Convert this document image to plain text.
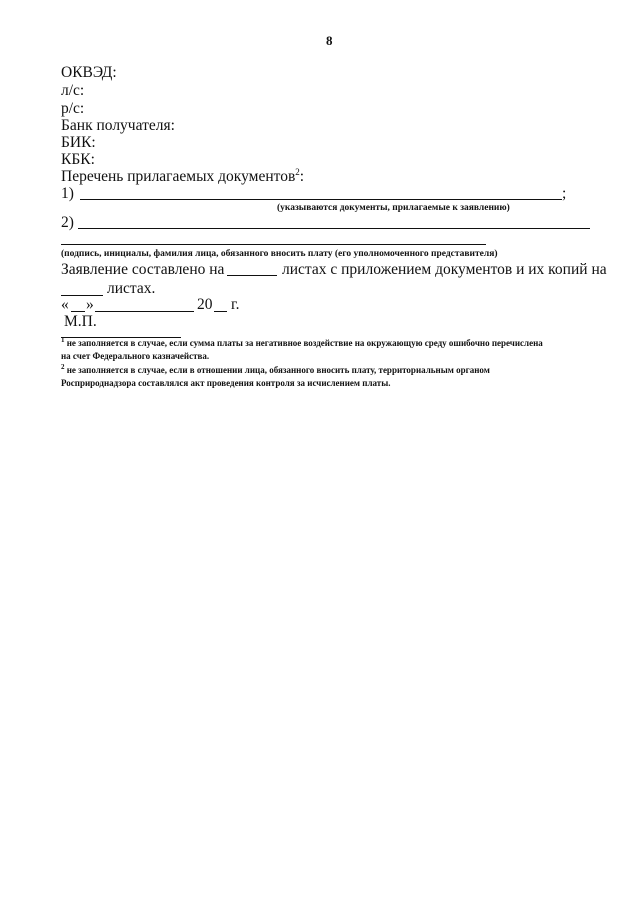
8
ОКВЭД:
л/с:
р/с:
Банк получателя:
БИК:
КБК:
Перечень прилагаемых документов$^2$:
1)	;
(указываются документы, прилагаемые к заявлению)
2)
(подпись, инициалы, фамилия лица, обязанного вносить плату (его уполномоченного представителя)
Заявление составлено на	листах с приложением документов и их копий на
листах.
« »	20 г.
М.П.
$^1$ не заполняется в случае, если сумма платы за негативное воздействие на окружающую среду ошибочно перечислена
на счет Федерального казначейства.
$^2$ не заполняется в случае, если в отношении лица, обязанного вносить плату, территориальным органом
Росприроднадзора составлялся акт проведения контроля за исчислением платы.
